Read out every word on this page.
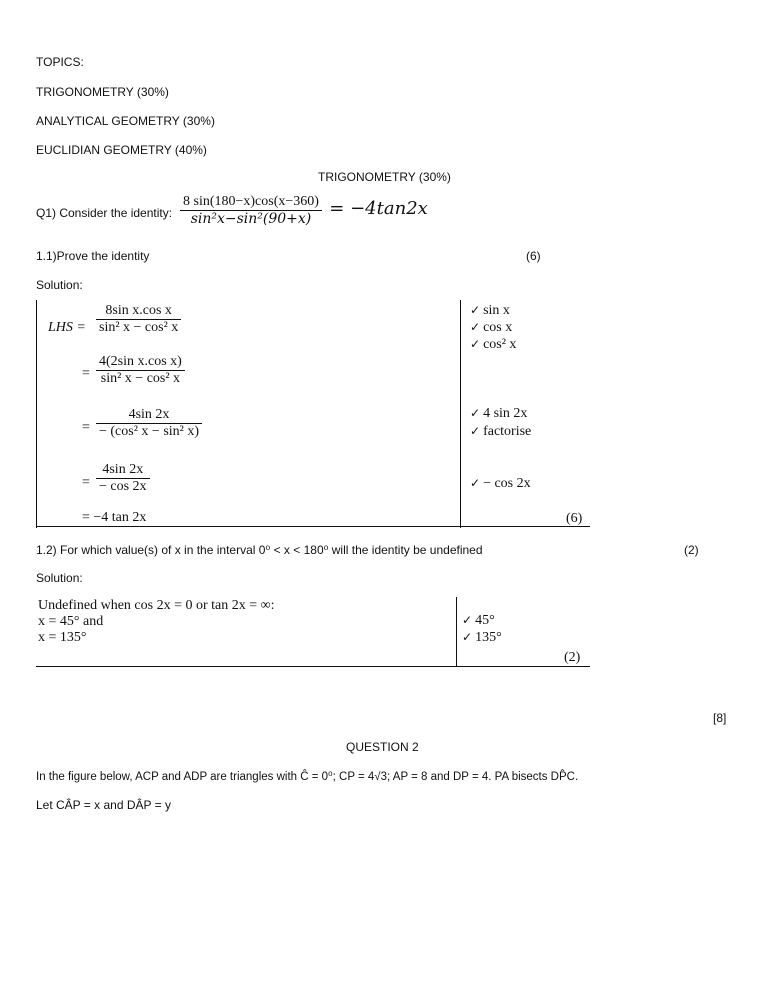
TOPICS:
TRIGONOMETRY (30%)
ANALYTICAL GEOMETRY (30%)
EUCLIDIAN GEOMETRY (40%)
TRIGONOMETRY (30%)
Q1) Consider the identity: $\frac{8 \sin(180-x)\cos(x-360)}{\text{sin²x−sin²(90+x)}} = -4\tan 2x$
1.1)Prove the identity	(6)
Solution:
LHS = $\frac{\text{8sin x.cos x}}{\text{sin² x − cos² x}}$
= $\frac{\text{4(2sin x.cos x)}}{\text{sin² x − cos² x}}$
= $\frac{4\sin 2x}{\text{− (cos² x − sin² x)}}$
= $\frac{4\sin 2x}{- \cos 2x}$
= −4 tan 2x
✓ sin x
✓ cos x
✓ cos² x
✓ 4 sin 2x
✓ factorise
✓ − cos 2x
(6)
1.2) For which value(s) of x in the interval 0⁰ < x < 180⁰ will the identity be undefined	(2)
Solution:
Undefined when cos 2x = 0 or tan 2x = ∞:
x = 45° and
x = 135°
✓ 45°
✓ 135°
(2)
[8]
QUESTION 2
In the figure below, ACP and ADP are triangles with Ĉ = 0⁰; CP = 4√3; AP = 8 and DP = 4. PA bisects DP̂C.
Let CÂP = x and DÂP = y
